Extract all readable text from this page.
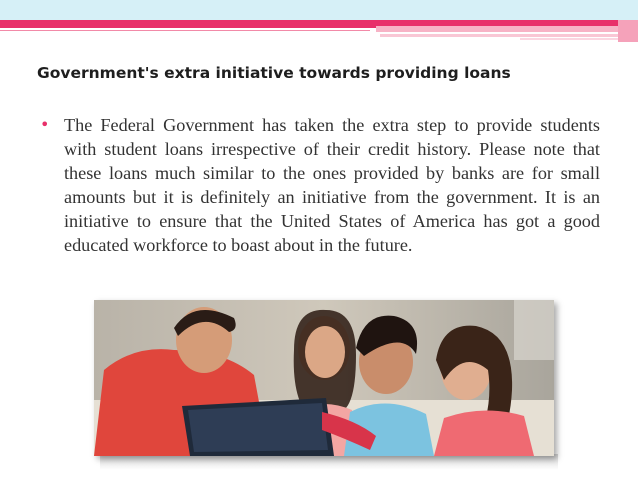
Government's extra initiative towards providing loans
• The Federal Government has taken the extra step to provide students with student loans irrespective of their credit history. Please note that these loans much similar to the ones provided by banks are for small amounts but it is definitely an initiative from the government. It is an initiative to ensure that the United States of America has got a good educated workforce to boast about in the future.
